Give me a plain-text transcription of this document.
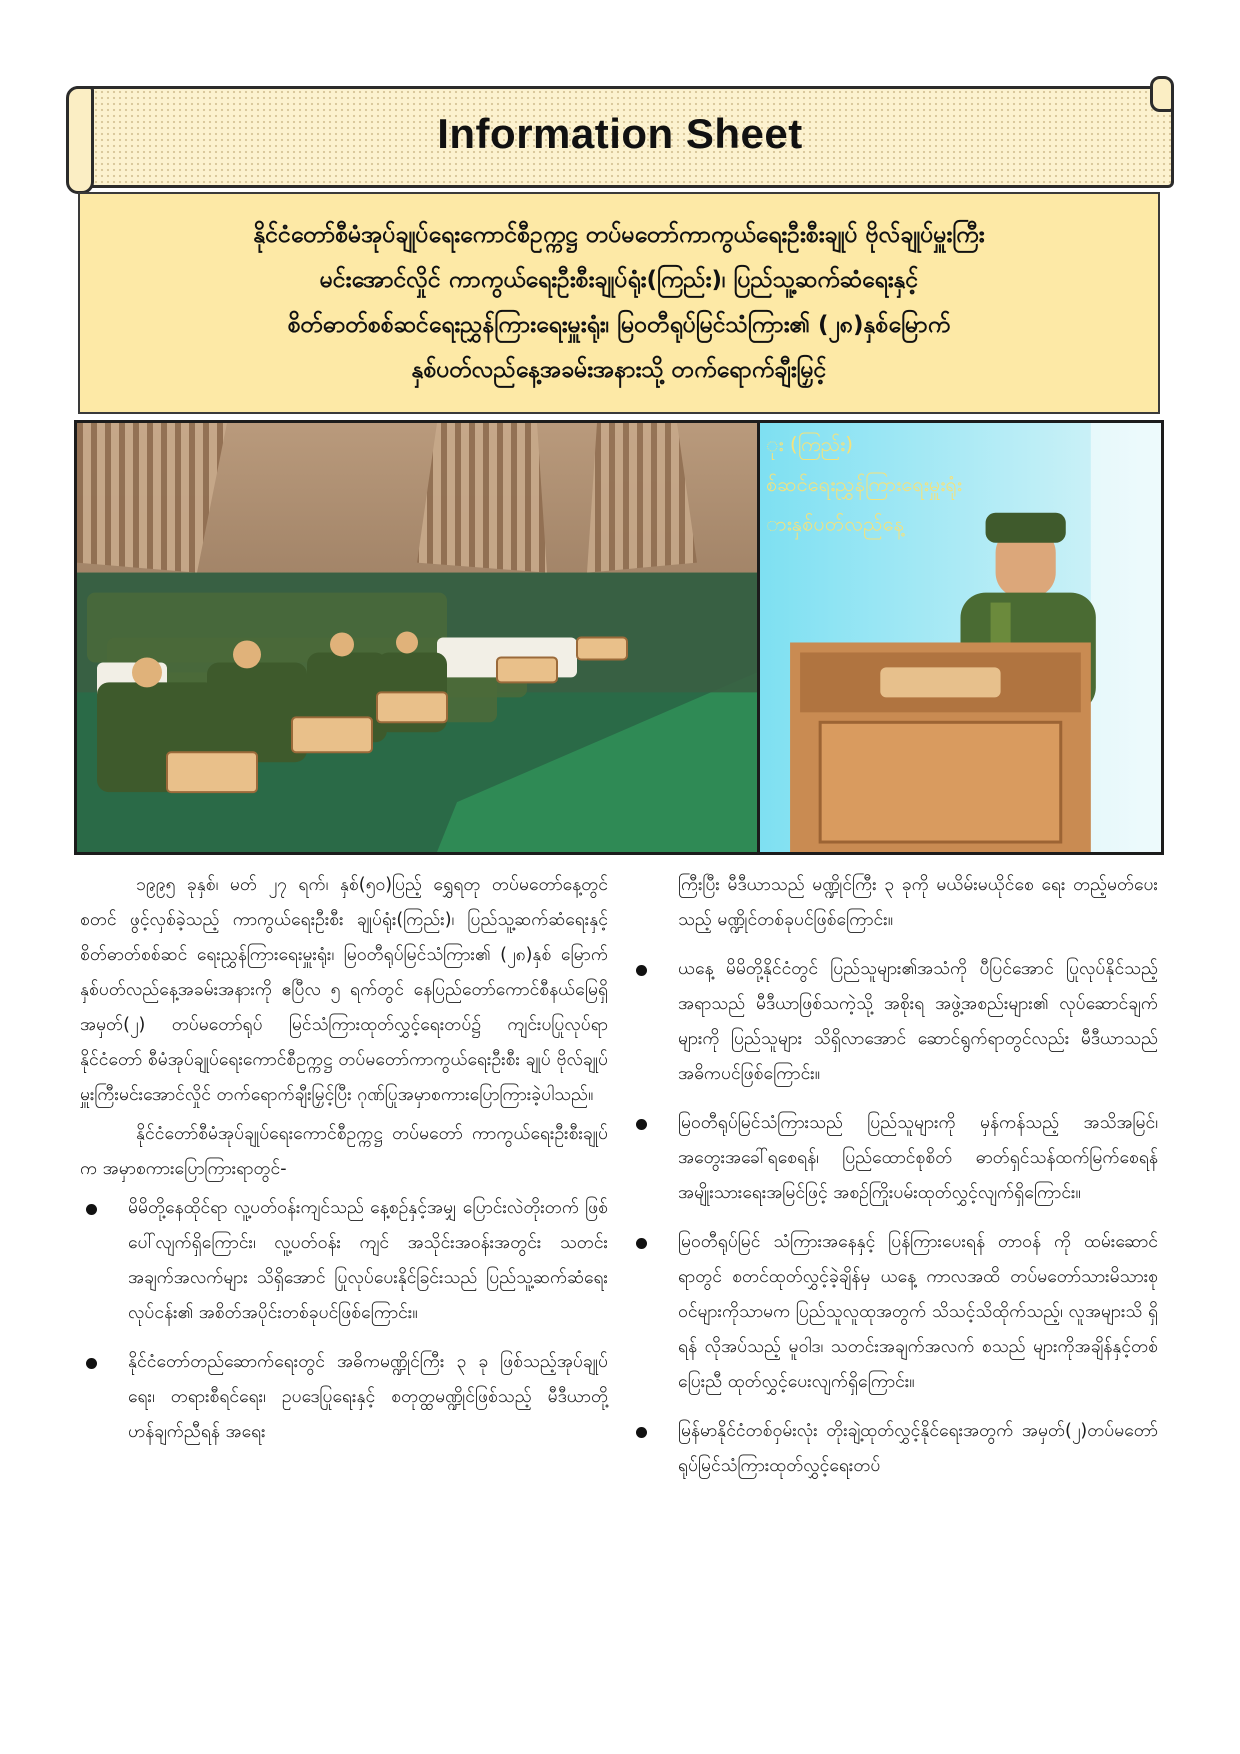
Information Sheet
နိုင်ငံတော်စီမံအုပ်ချုပ်ရေးကောင်စီဥက္ကဋ္ဌ တပ်မတော်ကာကွယ်ရေးဦးစီးချုပ် ဗိုလ်ချုပ်မှူးကြီး
မင်းအောင်လှိုင် ကာကွယ်ရေးဦးစီးချုပ်ရုံး(ကြည်း)၊ ပြည်သူ့ဆက်ဆံရေးနှင့်
စိတ်ဓာတ်စစ်ဆင်ရေးညွှန်ကြားရေးမှူးရုံး၊ မြဝတီရုပ်မြင်သံကြား၏ (၂၈)နှစ်မြောက်
နှစ်ပတ်လည်နေ့အခမ်းအနားသို့ တက်ရောက်ချီးမြှင့်
ုး (ကြည်း)
စ်ဆင်ရေးညွှန်ကြားရေးမှူးရုံး
ားနှစ်ပတ်လည်နေ့

၁၉၉၅ ခုနှစ်၊ မတ် ၂၇ ရက်၊ နှစ်(၅၀)ပြည့် ရွှေရတု တပ်မတော်နေ့တွင် စတင် ဖွင့်လှစ်ခဲ့သည့် ကာကွယ်ရေးဦးစီး ချုပ်ရုံး(ကြည်း)၊ ပြည်သူ့ဆက်ဆံရေးနှင့် စိတ်ဓာတ်စစ်ဆင် ရေးညွှန်ကြားရေးမှူးရုံး၊ မြဝတီရုပ်မြင်သံကြား၏ (၂၈)နှစ် မြောက် နှစ်ပတ်လည်နေ့အခမ်းအနားကို ဧပြီလ ၅ ရက်တွင် နေပြည်တော်ကောင်စီနယ်မြေရှိ အမှတ်(၂) တပ်မတော်ရုပ် မြင်သံကြားထုတ်လွှင့်ရေးတပ်၌ ကျင်းပပြုလုပ်ရာ နိုင်ငံတော် စီမံအုပ်ချုပ်ရေးကောင်စီဥက္ကဋ္ဌ တပ်မတော်ကာကွယ်ရေးဦးစီး ချုပ် ဗိုလ်ချုပ်မှူးကြီးမင်းအောင်လှိုင် တက်ရောက်ချီးမြှင့်ပြီး ဂုဏ်ပြုအမှာစကားပြောကြားခဲ့ပါသည်။

နိုင်ငံတော်စီမံအုပ်ချုပ်ရေးကောင်စီဥက္ကဋ္ဌ တပ်မတော် ကာကွယ်ရေးဦးစီးချုပ်က အမှာစကားပြောကြားရာတွင်-

မိမိတို့နေထိုင်ရာ လူ့ပတ်ဝန်းကျင်သည် နေ့စဉ်နှင့်အမျှ ပြောင်းလဲတိုးတက် ဖြစ်ပေါ်လျက်ရှိကြောင်း၊ လူ့ပတ်ဝန်း ကျင် အသိုင်းအဝန်းအတွင်း သတင်းအချက်အလက်များ သိရှိအောင် ပြုလုပ်ပေးနိုင်ခြင်းသည် ပြည်သူ့ဆက်ဆံရေး လုပ်ငန်း၏ အစိတ်အပိုင်းတစ်ခုပင်ဖြစ်ကြောင်း။
နိုင်ငံတော်တည်ဆောက်ရေးတွင် အဓိကမဏ္ဍိုင်ကြီး ၃ ခု ဖြစ်သည့်အုပ်ချုပ်ရေး၊ တရားစီရင်ရေး၊ ဥပဒေပြုရေးနှင့် စတုတ္ထမဏ္ဍိုင်ဖြစ်သည့် မီဒီယာတို့ ဟန်ချက်ညီရန် အရေး

ကြီးပြီး မီဒီယာသည် မဏ္ဍိုင်ကြီး ၃ ခုကို မယိမ်းမယိုင်စေ ရေး တည့်မတ်ပေးသည့် မဏ္ဍိုင်တစ်ခုပင်ဖြစ်ကြောင်း။

ယနေ့ မိမိတို့နိုင်ငံတွင် ပြည်သူများ၏အသံကို ပီပြင်အောင် ပြုလုပ်နိုင်သည့် အရာသည် မီဒီယာဖြစ်သကဲ့သို့ အစိုးရ အဖွဲ့အစည်းများ၏ လုပ်ဆောင်ချက်များကို ပြည်သူများ သိရှိလာအောင် ဆောင်ရွက်ရာတွင်လည်း မီဒီယာသည် အဓိကပင်ဖြစ်ကြောင်း။
မြဝတီရုပ်မြင်သံကြားသည် ပြည်သူများကို မှန်ကန်သည့် အသိအမြင်၊ အတွေးအခေါ်ရစေရန်၊ ပြည်ထောင်စုစိတ် ဓာတ်ရှင်သန်ထက်မြက်စေရန် အမျိုးသားရေးအမြင်ဖြင့် အစဉ်ကြိုးပမ်းထုတ်လွှင့်လျက်ရှိကြောင်း။
မြဝတီရုပ်မြင် သံကြားအနေနှင့် ပြန်ကြားပေးရန် တာဝန် ကို ထမ်းဆောင်ရာတွင် စတင်ထုတ်လွှင့်ခဲ့ချိန်မှ ယနေ့ ကာလအထိ တပ်မတော်သားမိသားစုဝင်များကိုသာမက ပြည်သူလူထုအတွက် သိသင့်သိထိုက်သည့်၊ လူအများသိ ရှိရန် လိုအပ်သည့် မူဝါဒ၊ သတင်းအချက်အလက် စသည် များကိုအချိန်နှင့်တစ်ပြေးညီ ထုတ်လွှင့်ပေးလျက်ရှိကြောင်း။
မြန်မာနိုင်ငံတစ်ဝှမ်းလုံး တိုးချဲ့ထုတ်လွှင့်နိုင်ရေးအတွက် အမှတ်(၂)တပ်မတော် ရုပ်မြင်သံကြားထုတ်လွှင့်ရေးတပ်
